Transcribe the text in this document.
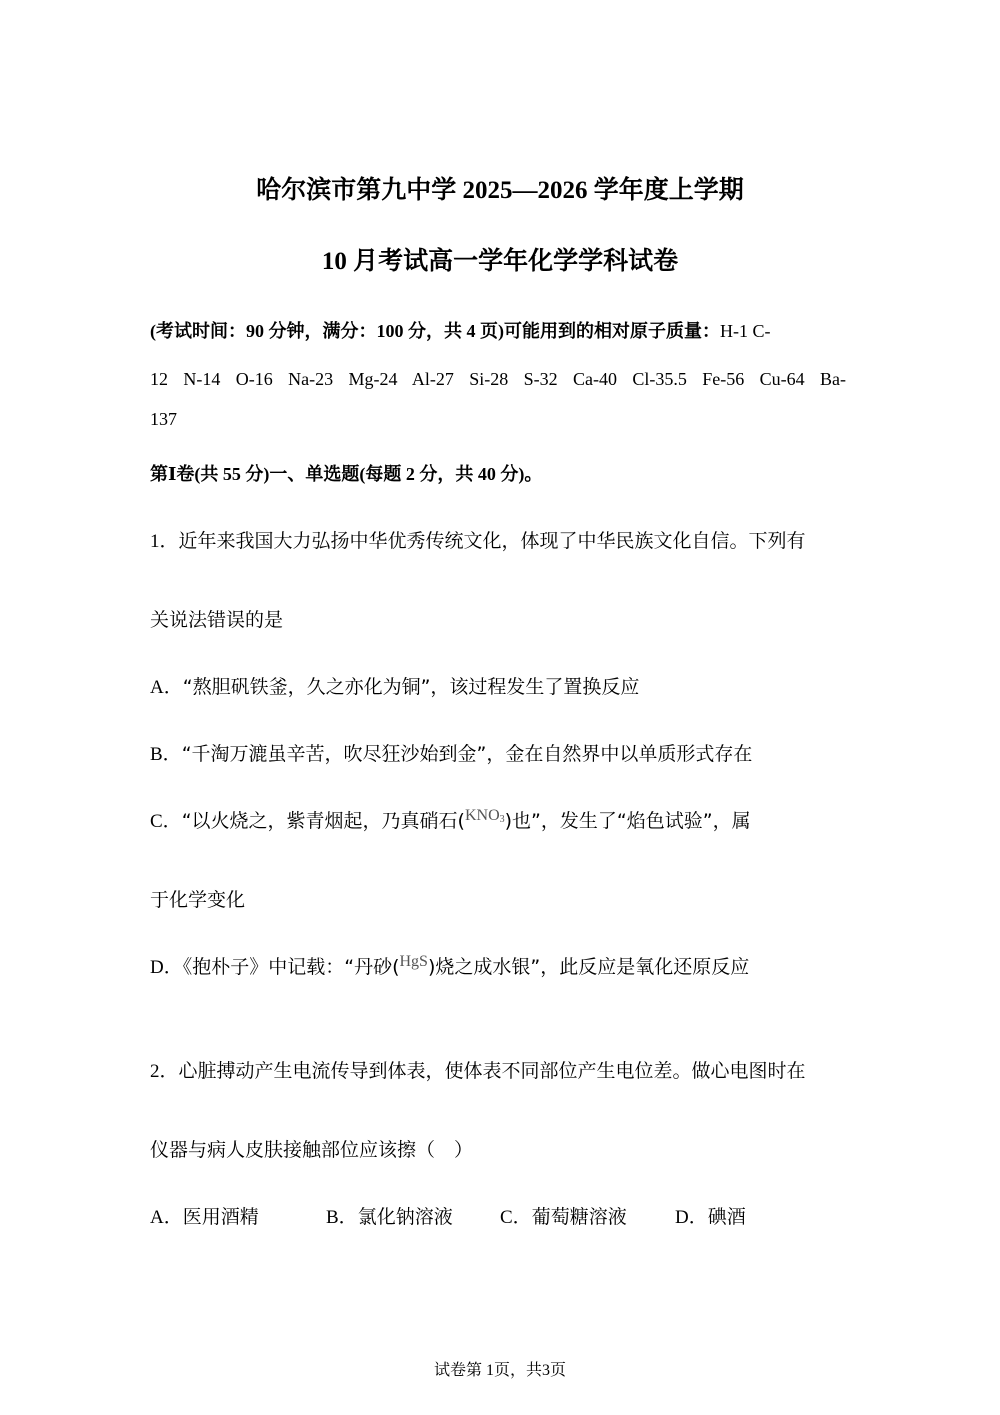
哈尔滨市第九中学 2025—2026 学年度上学期
10 月考试高一学年化学学科试卷
(考试时间：90 分钟，满分：100 分，共 4 页)可能用到的相对原子质量：H-1 C-
12 N-14 O-16 Na-23 Mg-24 Al-27 Si-28 S-32 Ca-40 Cl-35.5 Fe-56 Cu-64 Ba-
137
第Ⅰ卷(共 55 分)一、单选题(每题 2 分，共 40 分)。
1．近年来我国大力弘扬中华优秀传统文化，体现了中华民族文化自信。下列有
关说法错误的是
A．“熬胆矾铁釜，久之亦化为铜”，该过程发生了置换反应
B．“千淘万漉虽辛苦，吹尽狂沙始到金”，金在自然界中以单质形式存在
C．“以火烧之，紫青烟起，乃真硝石($^{KNO_3}$)也”，发生了“焰色试验”，属
于化学变化
D．《抱朴子》中记载：“丹砂($^{HgS}$)烧之成水银”，此反应是氧化还原反应
2．心脏搏动产生电流传导到体表，使体表不同部位产生电位差。做心电图时在
仪器与病人皮肤接触部位应该擦（　）
A．医用酒精	B．氯化钠溶液 C．葡萄糖溶液	D．碘酒
试卷第 1页，共3页
